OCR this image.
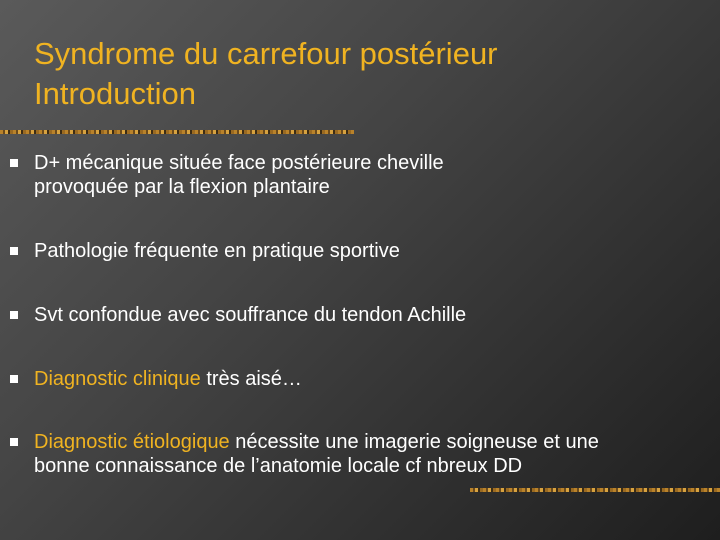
Syndrome du carrefour postérieur
Introduction
D+ mécanique située face postérieure cheville
provoquée par la flexion plantaire
Pathologie fréquente en pratique sportive
Svt confondue avec souffrance du tendon Achille
Diagnostic clinique très aisé…
Diagnostic étiologique nécessite une imagerie soigneuse et une
bonne connaissance de l’anatomie locale cf nbreux DD
